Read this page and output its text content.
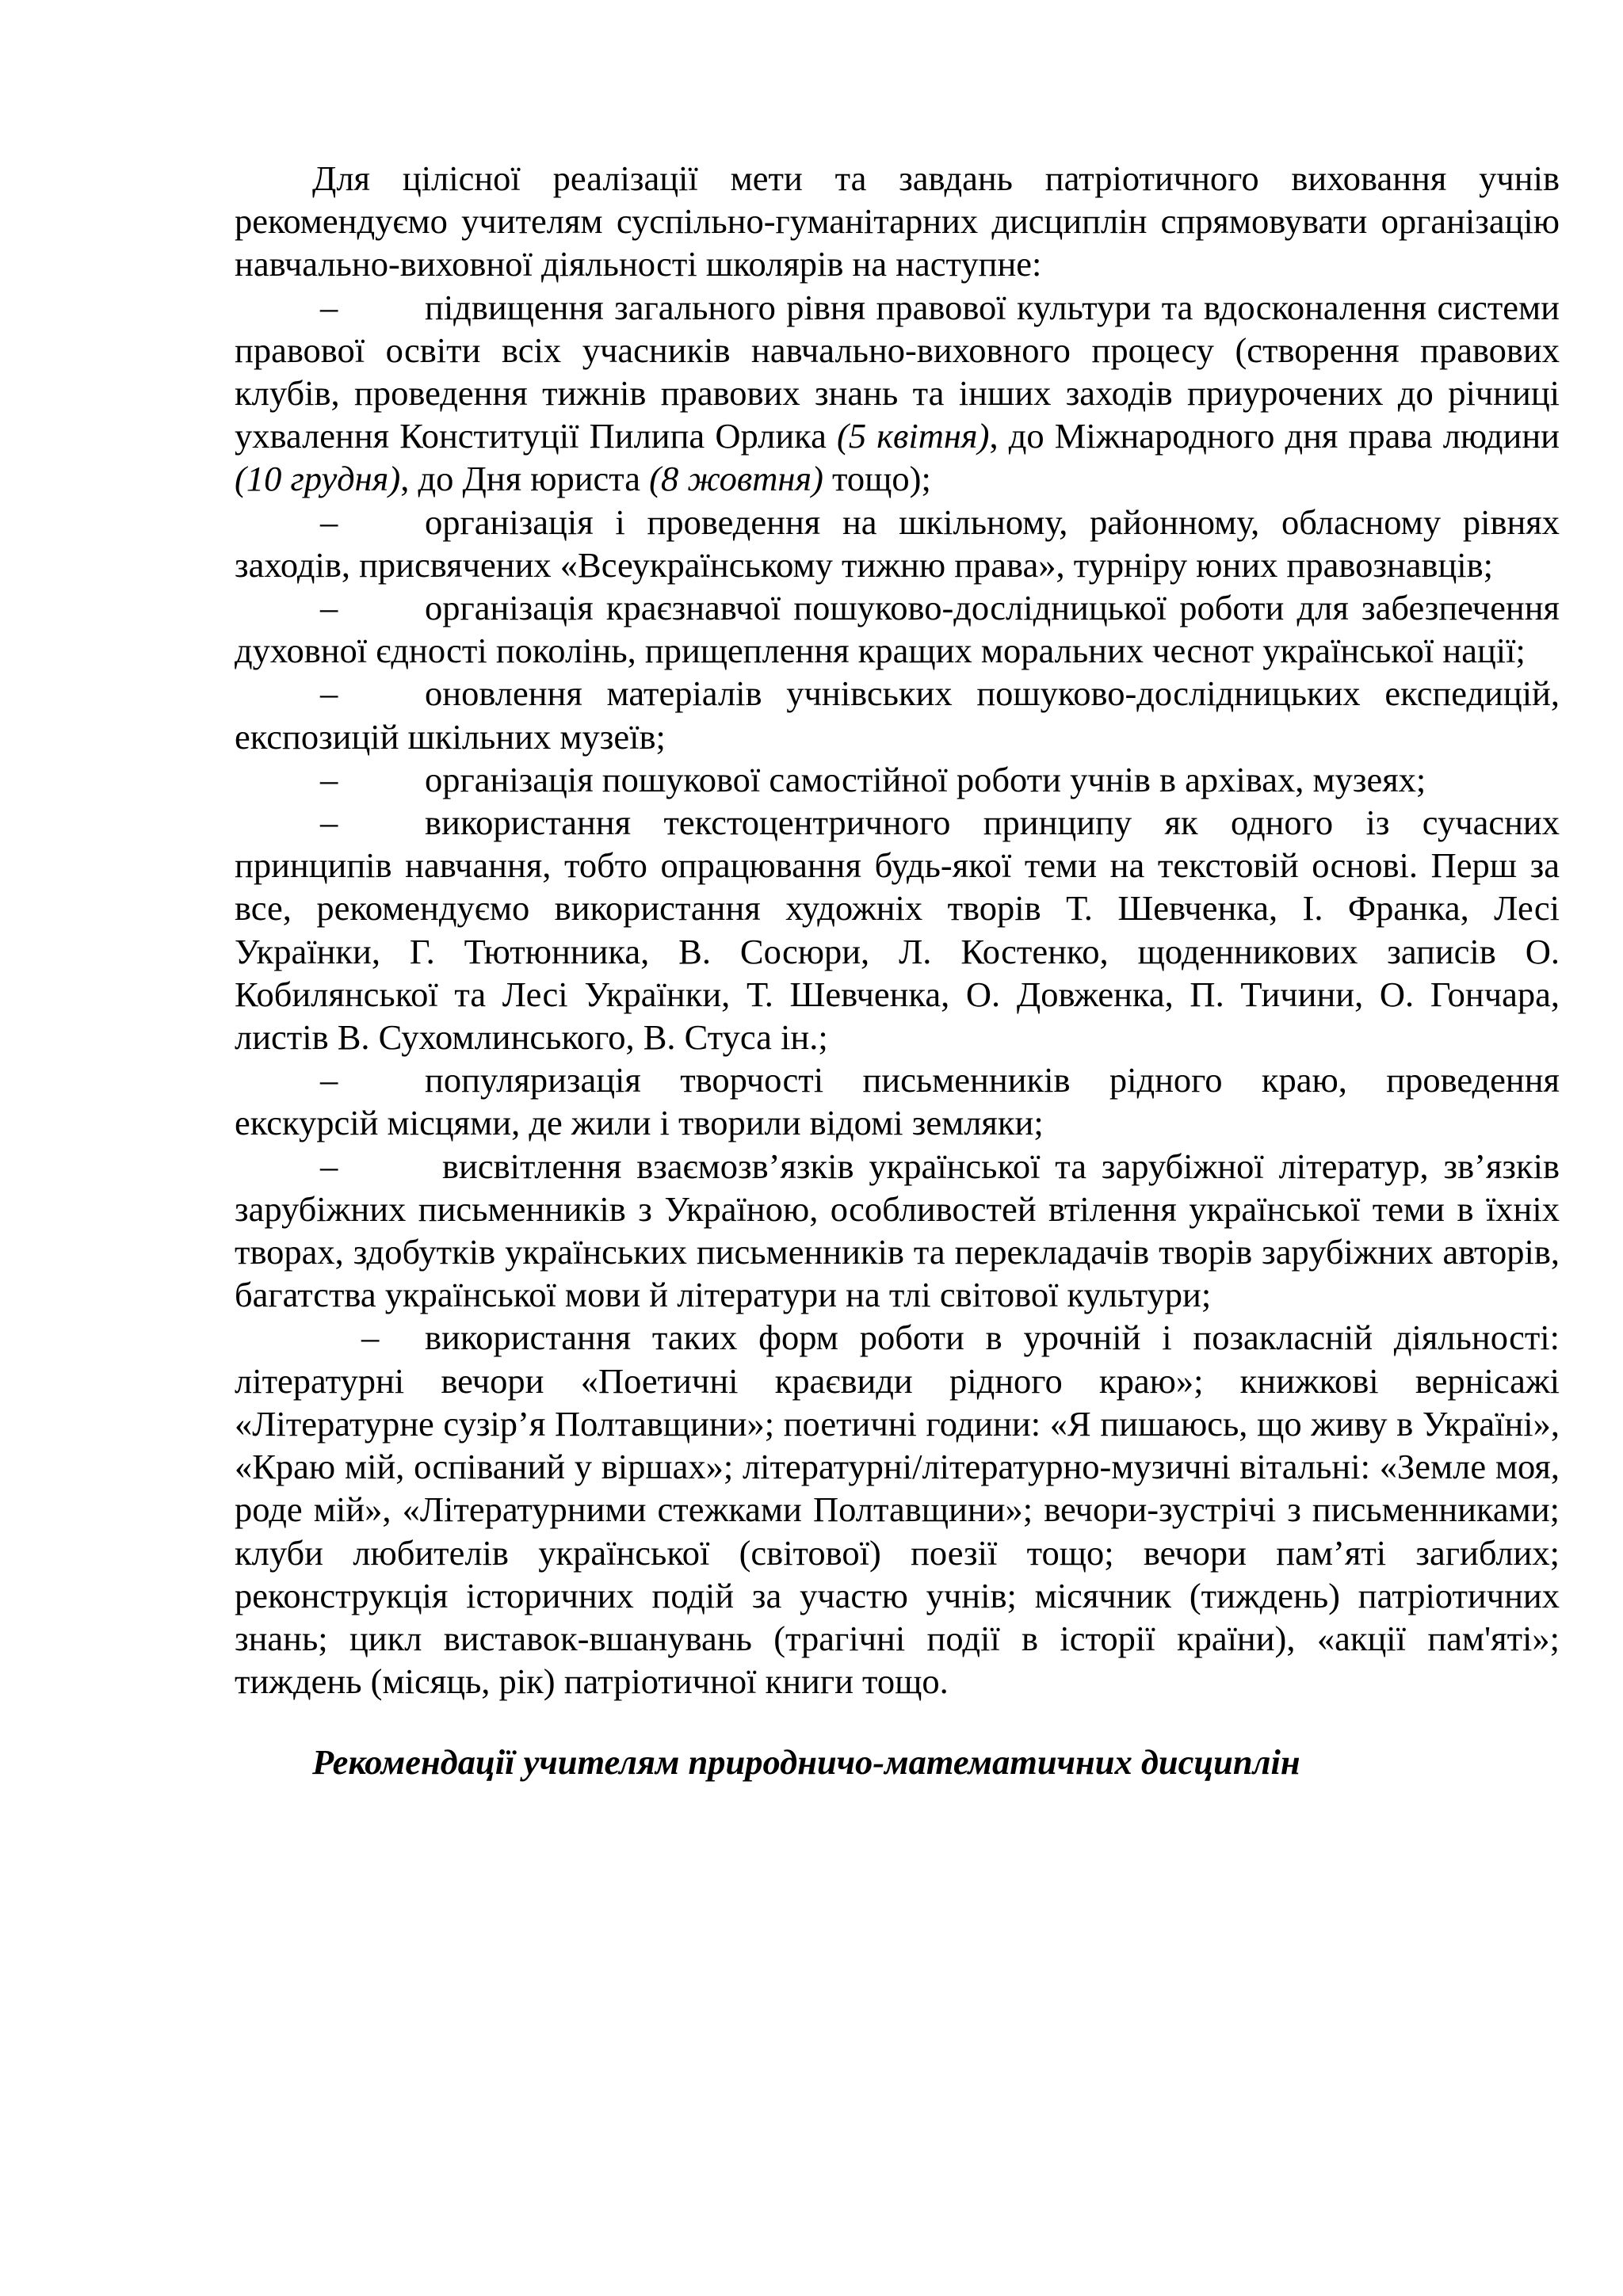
Для цілісної реалізації мети та завдань патріотичного виховання учнів рекомендуємо учителям суспільно-гуманітарних дисциплін спрямовувати організацію навчально-виховної діяльності школярів на наступне:

– підвищення загального рівня правової культури та вдосконалення системи правової освіти всіх учасників навчально-виховного процесу (створення правових клубів, проведення тижнів правових знань та інших заходів приурочених до річниці ухвалення Конституції Пилипа Орлика (5 квітня), до Міжнародного дня права людини (10 грудня), до Дня юриста (8 жовтня) тощо);

– організація і проведення на шкільному, районному, обласному рівнях заходів, присвячених «Всеукраїнському тижню права», турніру юних правознавців;

– організація краєзнавчої пошуково-дослідницької роботи для забезпечення духовної єдності поколінь, прищеплення кращих моральних чеснот української нації;

– оновлення матеріалів учнівських пошуково-дослідницьких експедицій, експозицій шкільних музеїв;

– організація пошукової самостійної роботи учнів в архівах, музеях;

– використання текстоцентричного принципу як одного із сучасних принципів навчання, тобто опрацювання будь-якої теми на текстовій основі. Перш за все, рекомендуємо використання художніх творів Т. Шевченка, І. Франка, Лесі Українки, Г. Тютюнника, В. Сосюри, Л. Костенко, щоденникових записів О. Кобилянської та Лесі Українки, Т. Шевченка, О. Довженка, П. Тичини, О. Гончара, листів В. Сухомлинського, В. Стуса ін.;

– популяризація творчості письменників рідного краю, проведення екскурсій місцями, де жили і творили відомі земляки;

–	висвітлення взаємозв’язків української та зарубіжної літератур, зв’язків зарубіжних письменників з Україною, особливостей втілення української теми в їхніх творах, здобутків українських письменників та перекладачів творів зарубіжних авторів, багатства української мови й літератури на тлі світової культури;

– використання таких форм роботи в урочній і позакласній діяльності: літературні вечори «Поетичні краєвиди рідного краю»; книжкові вернісажі «Літературне сузір’я Полтавщини»; поетичні години: «Я пишаюсь, що живу в Україні», «Краю мій, оспіваний у віршах»; літературні/літературно-музичні вітальні: «Земле моя, роде мій», «Літературними стежками Полтавщини»; вечори-зустрічі з письменниками; клуби любителів української (світової) поезії тощо; вечори пам’яті загиблих; реконструкція історичних подій за участю учнів; місячник (тиждень) патріотичних знань; цикл виставок-вшанувань (трагічні події в історії країни), «акції пам'яті»; тиждень (місяць, рік) патріотичної книги тощо.

Рекомендації учителям природничо-математичних дисциплін
